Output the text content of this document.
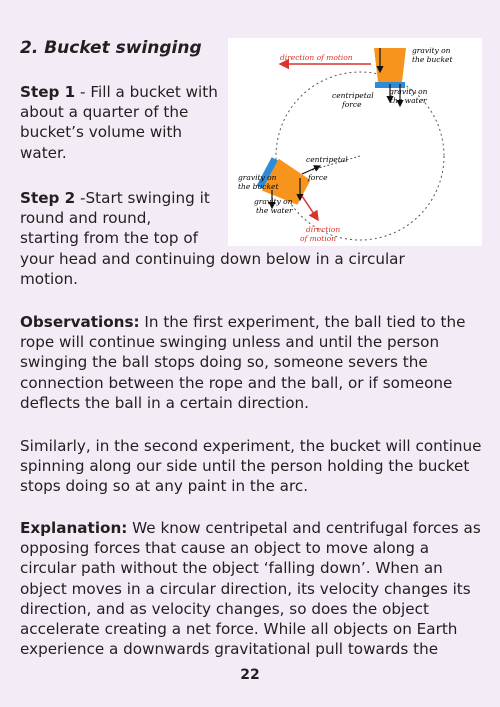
2. Bucket swinging

Step 1 - Fill a bucket with about a quarter of the bucket’s volume with water.

Step 2 -Start swinging it
round and round,
starting from the top of
your head and continuing down below in a circular
motion.

Observations: In the first experiment, the ball tied to the rope will continue swinging unless and until the person swinging the ball stops doing so, someone severs the connection between the rope and the ball, or if someone deflects the ball in a certain direction.

Similarly, in the second experiment, the bucket will continue spinning along our side until the person holding the bucket stops doing so at any paint in the arc.

Explanation: We know centripetal and centrifugal forces as opposing forces that cause an object to move along a circular path without the object ‘falling down’. When an object moves in a circular direction, its velocity changes its direction, and as velocity changes, so does the object accelerate creating a net force. While all objects on Earth experience a downwards gravitational pull towards the

direction of motion
gravity on
the bucket
centripetal
force
gravity on
the water
centripetal
force
gravity on
the bucket
gravity on
the water
direction
of motion
22
